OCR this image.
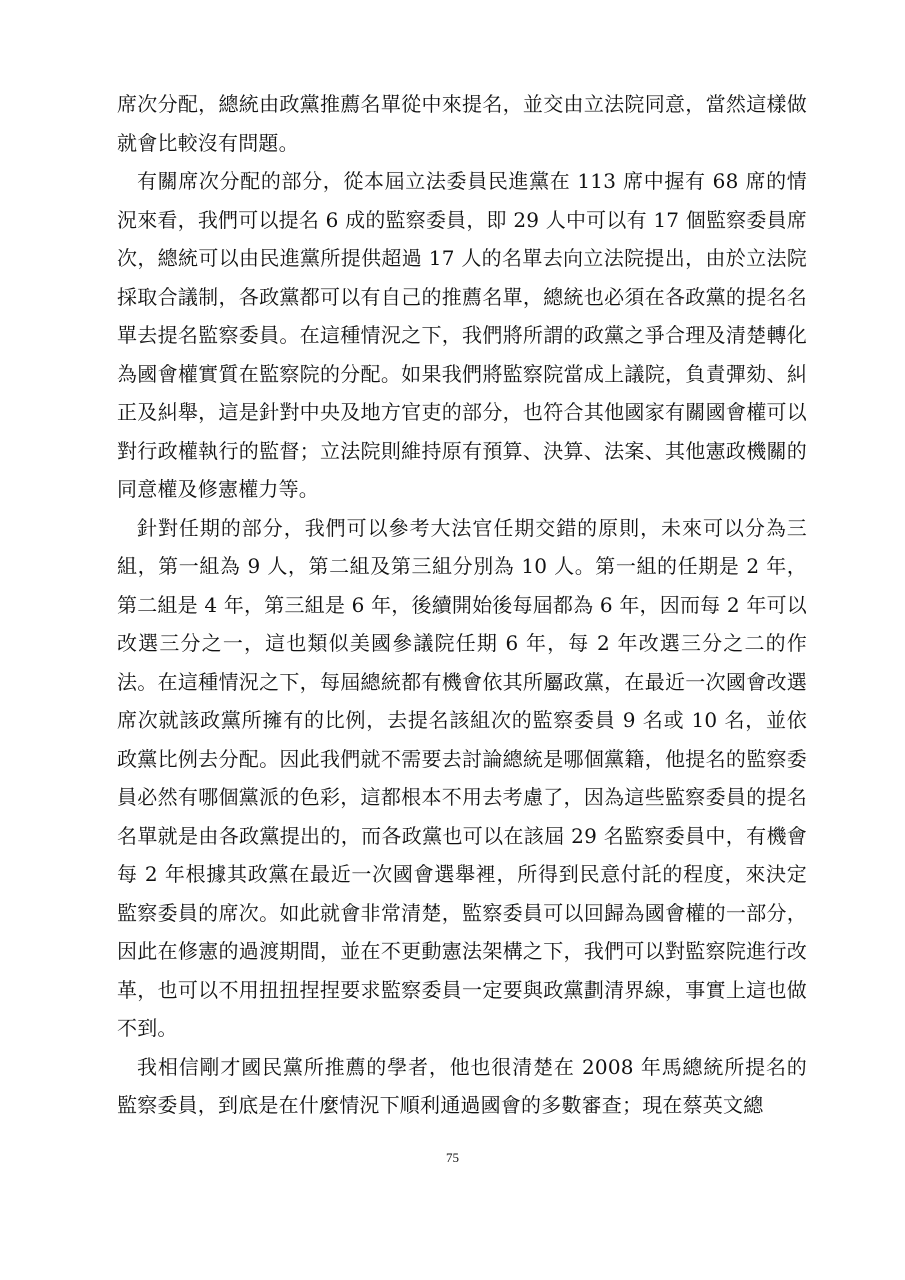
席次分配，總統由政黨推薦名單從中來提名，並交由立法院同意，當然這樣做就會比較沒有問題。

有關席次分配的部分，從本屆立法委員民進黨在 113 席中握有 68 席的情況來看，我們可以提名 6 成的監察委員，即 29 人中可以有 17 個監察委員席次，總統可以由民進黨所提供超過 17 人的名單去向立法院提出，由於立法院採取合議制，各政黨都可以有自己的推薦名單，總統也必須在各政黨的提名名單去提名監察委員。在這種情況之下，我們將所謂的政黨之爭合理及清楚轉化為國會權實質在監察院的分配。如果我們將監察院當成上議院，負責彈劾、糾正及糾舉，這是針對中央及地方官吏的部分，也符合其他國家有關國會權可以對行政權執行的監督；立法院則維持原有預算、決算、法案、其他憲政機關的同意權及修憲權力等。

針對任期的部分，我們可以參考大法官任期交錯的原則，未來可以分為三組，第一組為 9 人，第二組及第三組分別為 10 人。第一組的任期是 2 年，第二組是 4 年，第三組是 6 年，後續開始後每屆都為 6 年，因而每 2 年可以改選三分之一，這也類似美國參議院任期 6 年，每 2 年改選三分之二的作法。在這種情況之下，每屆總統都有機會依其所屬政黨，在最近一次國會改選席次就該政黨所擁有的比例，去提名該組次的監察委員 9 名或 10 名，並依政黨比例去分配。因此我們就不需要去討論總統是哪個黨籍，他提名的監察委員必然有哪個黨派的色彩，這都根本不用去考慮了，因為這些監察委員的提名名單就是由各政黨提出的，而各政黨也可以在該屆 29 名監察委員中，有機會每 2 年根據其政黨在最近一次國會選舉裡，所得到民意付託的程度，來決定監察委員的席次。如此就會非常清楚，監察委員可以回歸為國會權的一部分，因此在修憲的過渡期間，並在不更動憲法架構之下，我們可以對監察院進行改革，也可以不用扭扭捏捏要求監察委員一定要與政黨劃清界線，事實上這也做不到。

我相信剛才國民黨所推薦的學者，他也很清楚在 2008 年馬總統所提名的監察委員，到底是在什麼情況下順利通過國會的多數審查；現在蔡英文總

75
